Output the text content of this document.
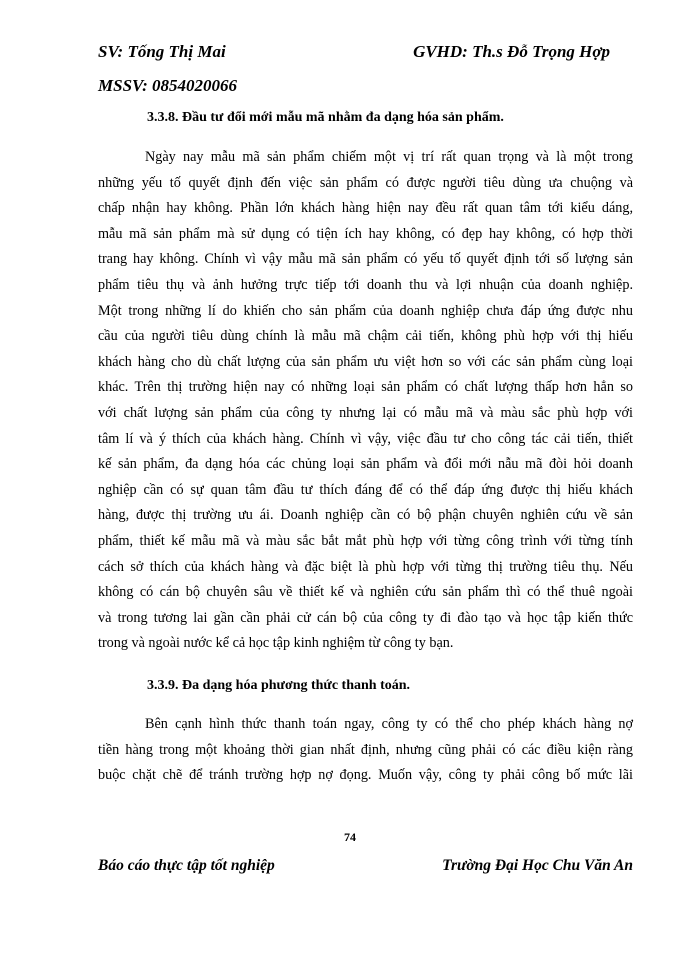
SV: Tống Thị Mai	GVHD: Th.s Đỗ Trọng Hợp
MSSV: 0854020066
3.3.8. Đầu tư đổi mới mẫu mã nhằm đa dạng hóa sản phẩm.
Ngày nay mẫu mã sản phẩm chiếm một vị trí rất quan trọng và là một trong
những yếu tố quyết định đến việc sản phẩm có được người tiêu dùng ưa chuộng và
chấp nhận hay không. Phần lớn khách hàng hiện nay đều rất quan tâm tới kiểu dáng,
mẫu mã sản phẩm mà sử dụng có tiện ích hay không, có đẹp hay không, có hợp thời
trang hay không. Chính vì vậy mẫu mã sản phẩm có yếu tố quyết định tới số lượng sản
phẩm tiêu thụ và ảnh hưởng trực tiếp tới doanh thu và lợi nhuận của doanh nghiệp.
Một trong những lí do khiến cho sản phẩm của doanh nghiệp chưa đáp ứng được nhu
cầu của người tiêu dùng chính là mẫu mã chậm cải tiến, không phù hợp với thị hiếu
khách hàng cho dù chất lượng của sản phẩm ưu việt hơn so với các sản phẩm cùng loại
khác. Trên thị trường hiện nay có những loại sản phẩm có chất lượng thấp hơn hẳn so
với chất lượng sản phẩm của công ty nhưng lại có mẫu mã và màu sắc phù hợp với
tâm lí và ý thích của khách hàng. Chính vì vậy, việc đầu tư cho công tác cải tiến, thiết
kế sản phẩm, đa dạng hóa các chủng loại sản phẩm và đổi mới nẫu mã đòi hỏi doanh
nghiệp cần có sự quan tâm đầu tư thích đáng để có thể đáp ứng được thị hiếu khách
hàng, được thị trường ưu ái. Doanh nghiệp cần có bộ phận chuyên nghiên cứu về sản
phẩm, thiết kế mẫu mã và màu sắc bắt mắt phù hợp với từng công trình với từng tính
cách sở thích của khách hàng và đặc biệt là phù hợp với từng thị trường tiêu thụ. Nếu
không có cán bộ chuyên sâu về thiết kế và nghiên cứu sản phẩm thì có thể thuê ngoài
và trong tương lai gần cần phải cử cán bộ của công ty đi đào tạo và học tập kiến thức
trong và ngoài nước kể cả học tập kinh nghiệm từ công ty bạn.
3.3.9. Đa dạng hóa phương thức thanh toán.
Bên cạnh hình thức thanh toán ngay, công ty có thể cho phép khách hàng nợ
tiền hàng trong một khoảng thời gian nhất định, nhưng cũng phải có các điều kiện ràng
buộc chặt chẽ để tránh trường hợp nợ đọng. Muốn vậy, công ty phải công bố mức lãi
74
Báo cáo thực tập tốt nghiệp	Trường Đại Học Chu Văn An
